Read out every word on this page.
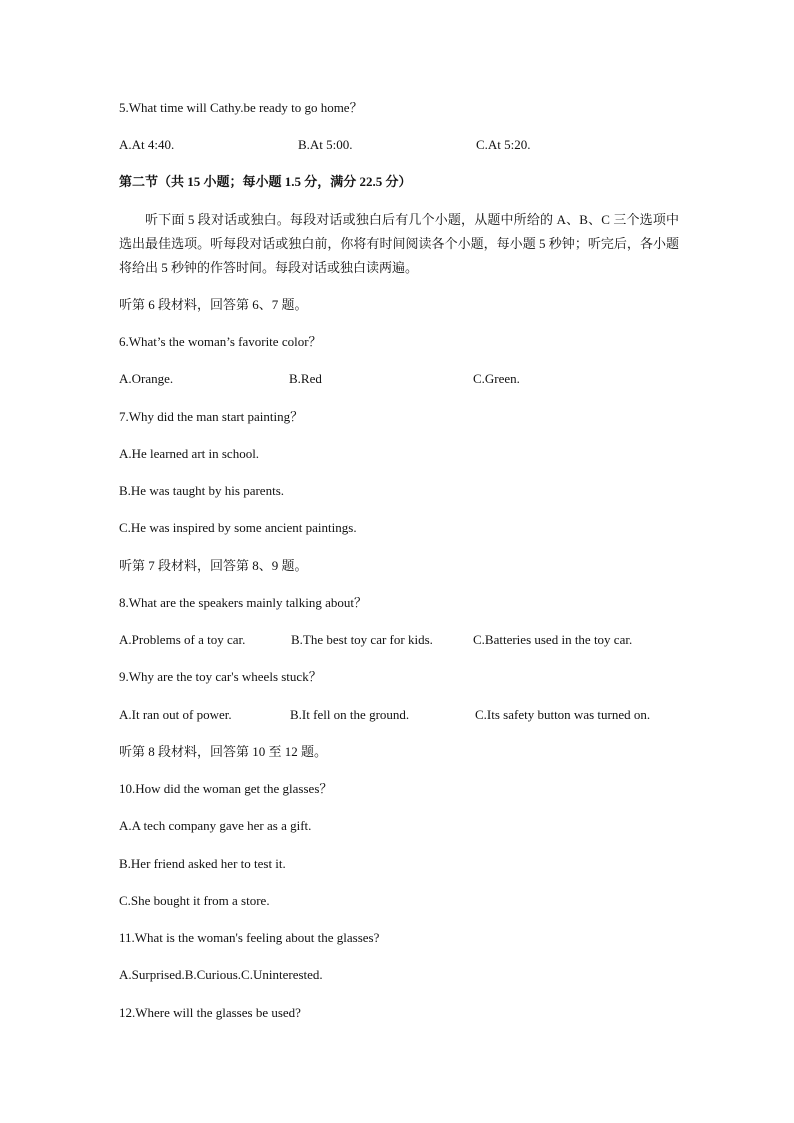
5.What time will Cathy.be ready to go home？
A.At 4:40.	B.At 5:00.	C.At 5:20.
第二节（共 15 小题；每小题 1.5 分，满分 22.5 分）
听下面 5 段对话或独白。每段对话或独白后有几个小题，从题中所给的 A、B、C 三个选项中选出最佳选项。听每段对话或独白前，你将有时间阅读各个小题，每小题 5 秒钟；听完后，各小题将给出 5 秒钟的作答时间。每段对话或独白读两遍。
听第 6 段材料，回答第 6、7 题。
6.What’s the woman’s favorite color？
A.Orange.	B.Red	C.Green.
7.Why did the man start painting？
A.He learned art in school.
B.He was taught by his parents.
C.He was inspired by some ancient paintings.
听第 7 段材料，回答第 8、9 题。
8.What are the speakers mainly talking about？
A.Problems of a toy car.	B.The best toy car for kids.	C.Batteries used in the toy car.
9.Why are the toy car's wheels stuck？
A.It ran out of power.	B.It fell on the ground.	C.Its safety button was turned on.
听第 8 段材料，回答第 10 至 12 题。
10.How did the woman get the glasses？
A.A tech company gave her as a gift.
B.Her friend asked her to test it.
C.She bought it from a store.
11.What is the woman's feeling about the glasses?
A.Surprised.B.Curious.C.Uninterested.
12.Where will the glasses be used?
